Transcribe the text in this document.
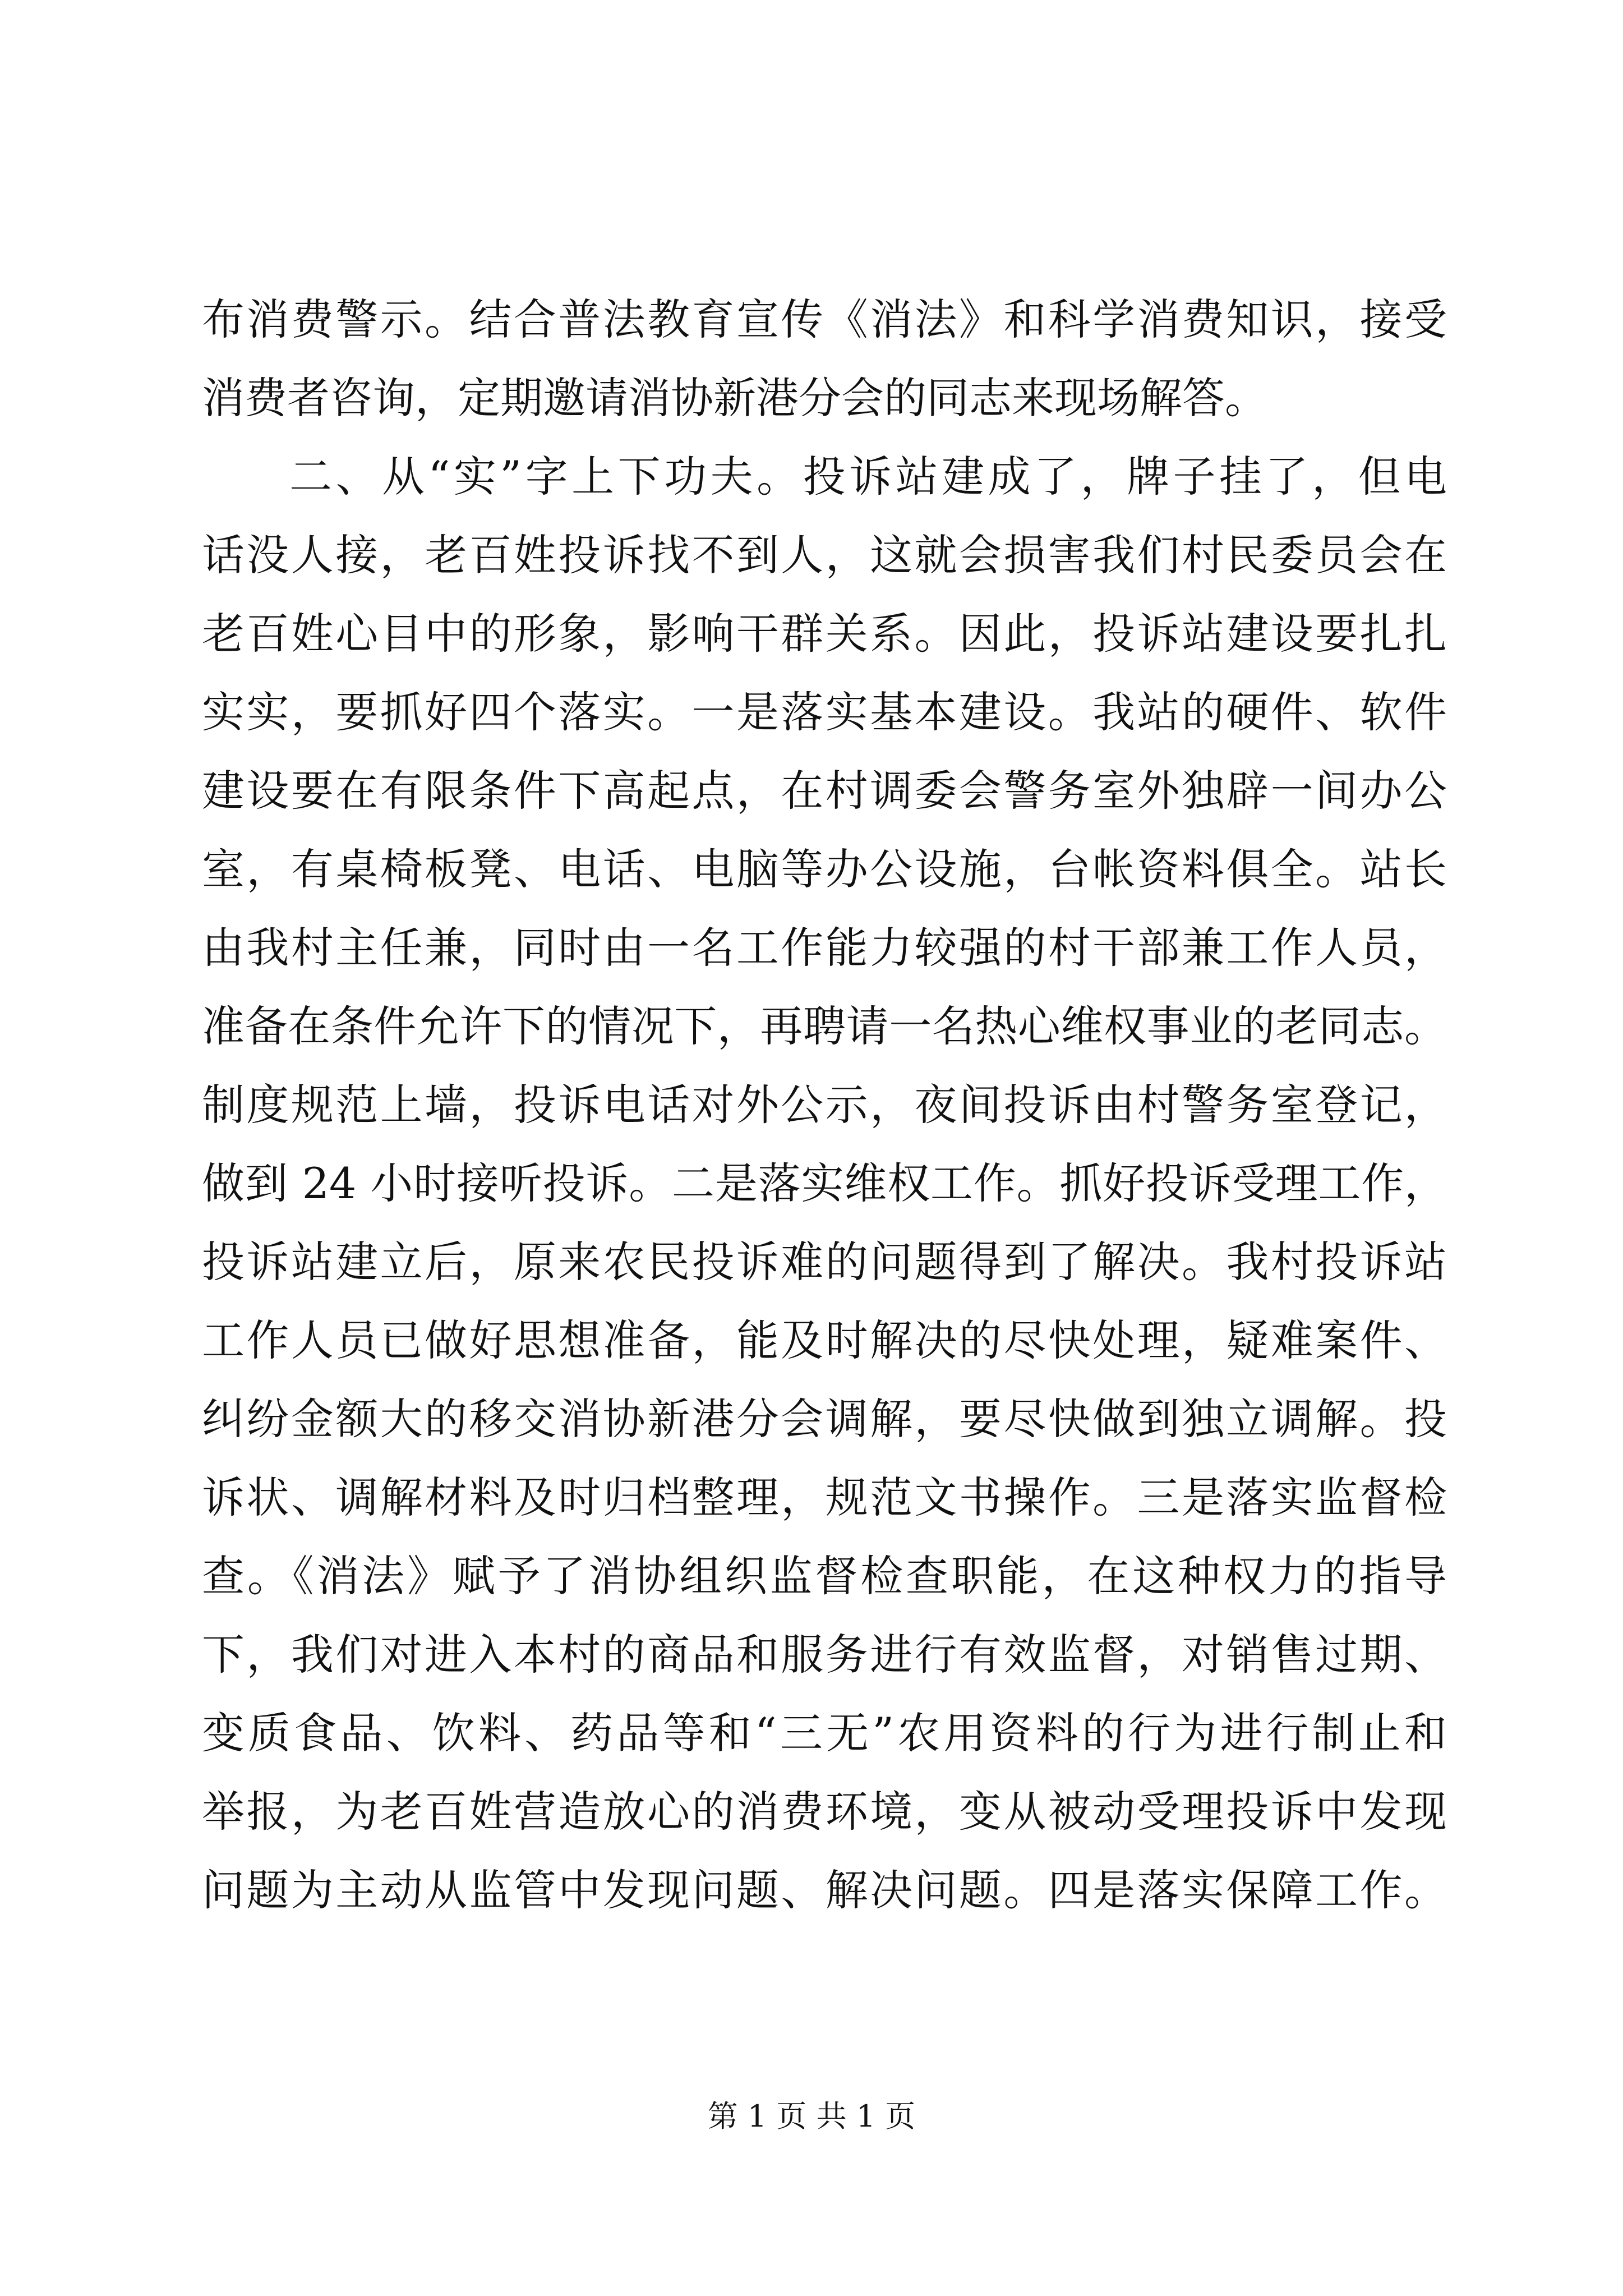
布消费警示。结合普法教育宣传《消法》和科学消费知识，接受
消费者咨询，定期邀请消协新港分会的同志来现场解答。
二、从“实”字上下功夫。投诉站建成了，牌子挂了，但电
话没人接，老百姓投诉找不到人，这就会损害我们村民委员会在
老百姓心目中的形象，影响干群关系。因此，投诉站建设要扎扎
实实，要抓好四个落实。一是落实基本建设。我站的硬件、软件
建设要在有限条件下高起点，在村调委会警务室外独辟一间办公
室，有桌椅板凳、电话、电脑等办公设施，台帐资料俱全。站长
由我村主任兼，同时由一名工作能力较强的村干部兼工作人员，
准备在条件允许下的情况下，再聘请一名热心维权事业的老同志。
制度规范上墙，投诉电话对外公示，夜间投诉由村警务室登记，
做到 24 小时接听投诉。二是落实维权工作。抓好投诉受理工作，
投诉站建立后，原来农民投诉难的问题得到了解决。我村投诉站
工作人员已做好思想准备，能及时解决的尽快处理，疑难案件、
纠纷金额大的移交消协新港分会调解，要尽快做到独立调解。投
诉状、调解材料及时归档整理，规范文书操作。三是落实监督检
查。《消法》赋予了消协组织监督检查职能，在这种权力的指导
下，我们对进入本村的商品和服务进行有效监督，对销售过期、
变质食品、饮料、药品等和“三无”农用资料的行为进行制止和
举报，为老百姓营造放心的消费环境，变从被动受理投诉中发现
问题为主动从监管中发现问题、解决问题。四是落实保障工作。
第 1 页 共 1 页
